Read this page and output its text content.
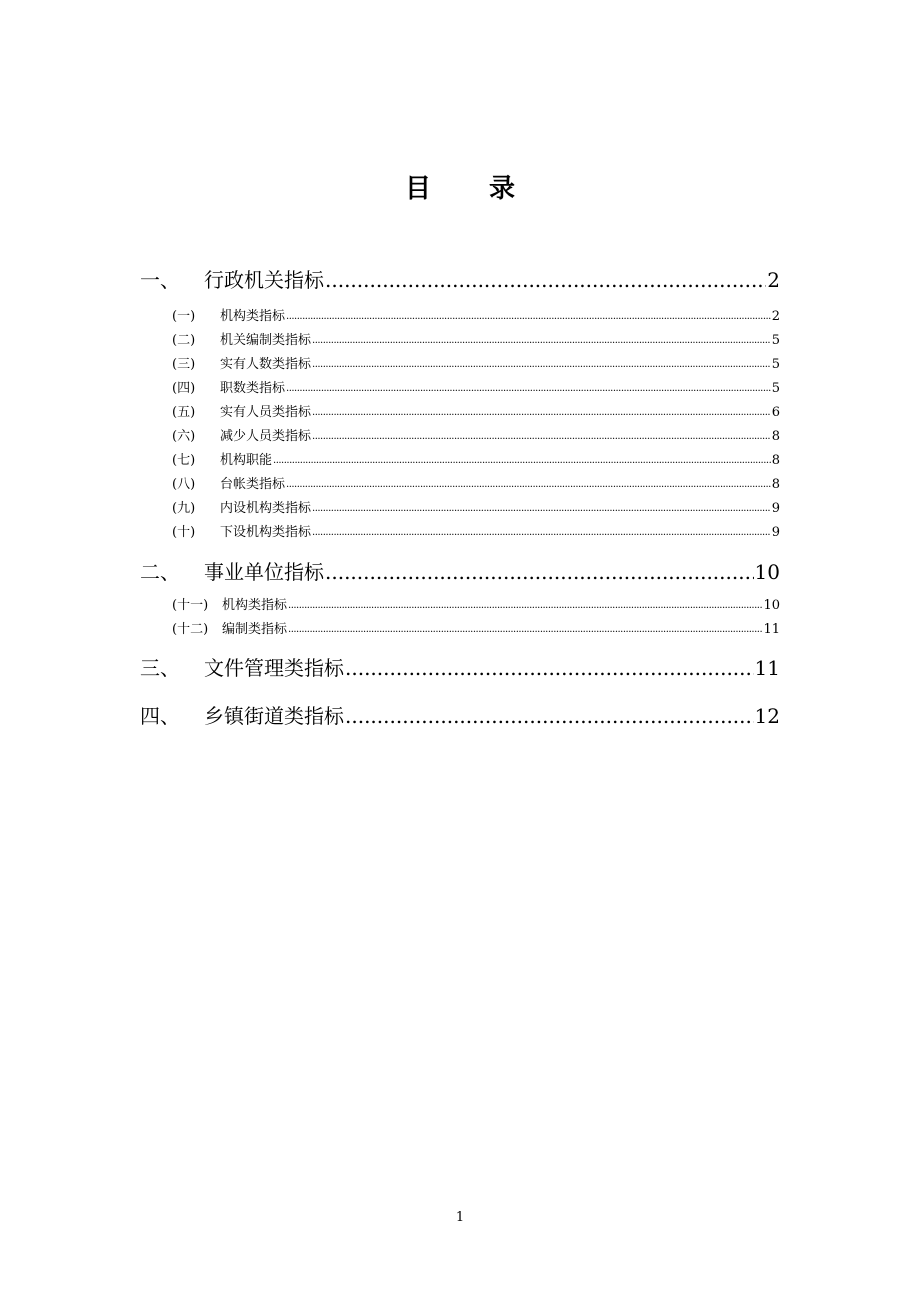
目 录
一、	行政机关指标 .....	2
(一)	机构类指标 .....	2
(二)	机关编制类指标 .....	5
(三)	实有人数类指标 .....	5
(四)	职数类指标 .....	5
(五)	实有人员类指标 .....	6
(六)	减少人员类指标 .....	8
(七)	机构职能 .....	8
(八)	台帐类指标 .....	8
(九)	内设机构类指标 .....	9
(十)	下设机构类指标 .....	9
二、	事业单位指标 .....	10
(十一)	机构类指标 .....	10
(十二)	编制类指标 .....	11
三、	文件管理类指标 .....	11
四、	乡镇街道类指标 .....	12
1
